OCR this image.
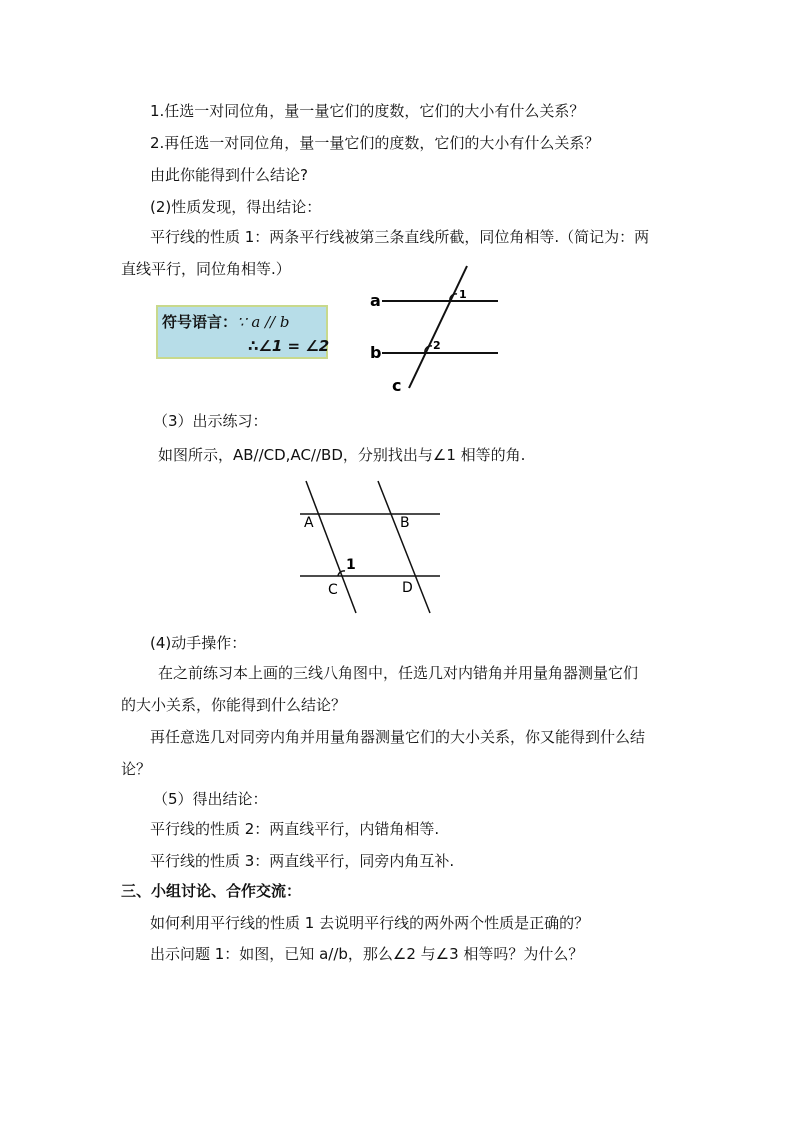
1.任选一对同位角，量一量它们的度数，它们的大小有什么关系？
2.再任选一对同位角，量一量它们的度数，它们的大小有什么关系？
由此你能得到什么结论?
(2)性质发现，得出结论：
平行线的性质 1：两条平行线被第三条直线所截，同位角相等.（简记为：两
直线平行，同位角相等.）
符号语言：∵ a // b
∴∠1 = ∠2
a
b
c
1
2
（3）出示练习：
如图所示，AB//CD,AC//BD，分别找出与∠1 相等的角.
A	B
C	D
1
(4)动手操作：
在之前练习本上画的三线八角图中，任选几对内错角并用量角器测量它们
的大小关系，你能得到什么结论？
再任意选几对同旁内角并用量角器测量它们的大小关系，你又能得到什么结
论？
（5）得出结论：
平行线的性质 2：两直线平行，内错角相等.
平行线的性质 3：两直线平行，同旁内角互补.
三、小组讨论、合作交流：
如何利用平行线的性质 1 去说明平行线的两外两个性质是正确的？
出示问题 1：如图，已知 a//b，那么∠2 与∠3 相等吗？为什么？
